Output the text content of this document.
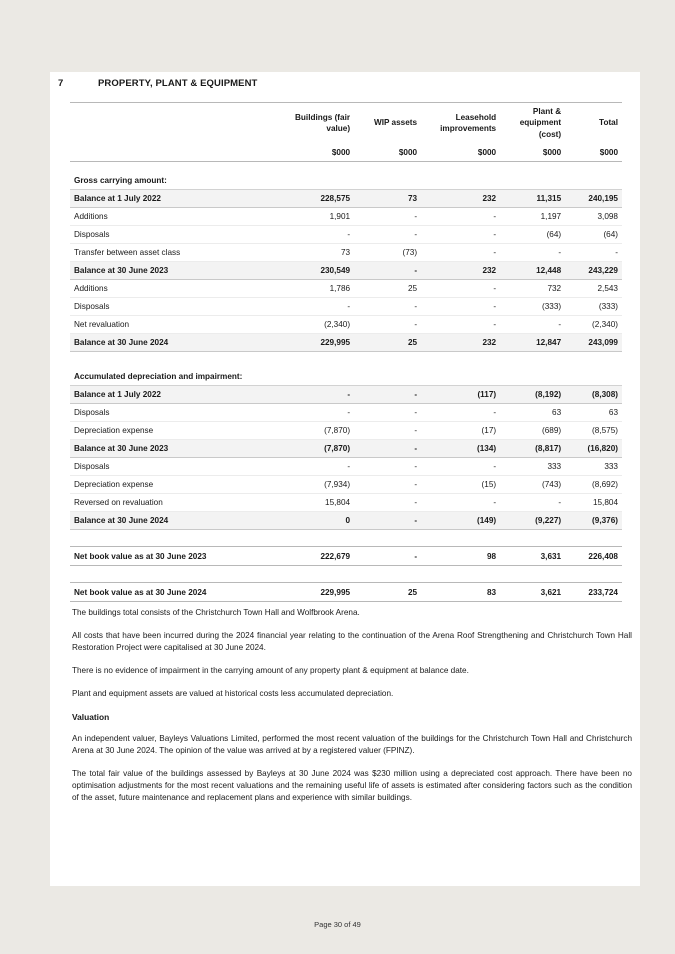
7	PROPERTY, PLANT & EQUIPMENT
	Buildings (fair value)	WIP assets	Leasehold improvements	Plant & equipment (cost)	Total
	$000	$000	$000	$000	$000

Gross carrying amount:					
Balance at 1 July 2022	228,575	73	232	11,315	240,195
Additions	1,901	-	-	1,197	3,098
Disposals	-	-	-	(64)	(64)
Transfer between asset class	73	(73)	-	-	-
Balance at 30 June 2023	230,549	-	232	12,448	243,229
Additions	1,786	25	-	732	2,543
Disposals	-	-	-	(333)	(333)
Net revaluation	(2,340)	-	-	-	(2,340)
Balance at 30 June 2024	229,995	25	232	12,847	243,099

Accumulated depreciation and impairment:					
Balance at 1 July 2022	-	-	(117)	(8,192)	(8,308)
Disposals	-	-	-	63	63
Depreciation expense	(7,870)	-	(17)	(689)	(8,575)
Balance at 30 June 2023	(7,870)	-	(134)	(8,817)	(16,820)
Disposals	-	-	-	333	333
Depreciation expense	(7,934)	-	(15)	(743)	(8,692)
Reversed on revaluation	15,804	-	-	-	15,804
Balance at 30 June 2024	0	-	(149)	(9,227)	(9,376)

Net book value as at 30 June 2023	222,679	-	98	3,631	226,408

Net book value as at 30 June 2024	229,995	25	83	3,621	233,724

The buildings total consists of the Christchurch Town Hall and Wolfbrook Arena.

All costs that have been incurred during the 2024 financial year relating to the continuation of the Arena Roof Strengthening and Christchurch Town Hall Restoration Project were capitalised at 30 June 2024.

There is no evidence of impairment in the carrying amount of any property plant & equipment at balance date.

Plant and equipment assets are valued at historical costs less accumulated depreciation.

Valuation

An independent valuer, Bayleys Valuations Limited, performed the most recent valuation of the buildings for the Christchurch Town Hall and Christchurch Arena at 30 June 2024. The opinion of the value was arrived at by a registered valuer (FPINZ).

The total fair value of the buildings assessed by Bayleys at 30 June 2024 was $230 million using a depreciated cost approach. There have been no optimisation adjustments for the most recent valuations and the remaining useful life of assets is estimated after considering factors such as the condition of the asset, future maintenance and replacement plans and experience with similar buildings.

Page 30 of 49
